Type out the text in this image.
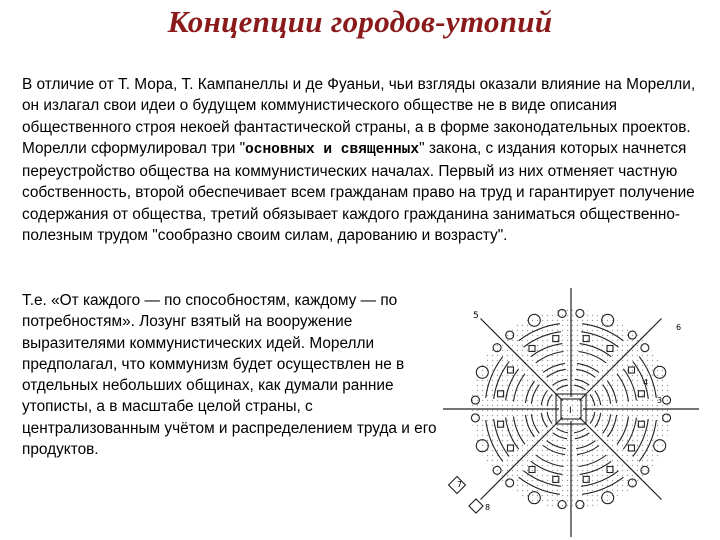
Концепции городов-утопий
В отличие от Т. Мора, Т. Кампанеллы и де Фуаньи, чьи взгляды оказали влияние на Морелли, он излагал свои идеи о будущем коммунистического обществе не в виде описания общественного строя некоей фантастической страны, а в форме законодательных проектов. Морелли сформулировал три "основных и священных" закона, с издания которых начнется переустройство общества на коммунистических началах. Первый из них отменяет частную собственность, второй обеспечивает всем гражданам право на труд и гарантирует получение содержания от общества, третий обязывает каждого гражданина заниматься общественно-полезным трудом "сообразно своим силам, дарованию и возрасту".
Т.е. «От каждого — по способностям, каждому — по потребностям». Лозунг взятый на вооружение выразителями коммунистических идей. Морелли предполагал, что коммунизм будет осуществлен не в отдельных небольших общинах, как думали ранние утописты, а в масштабе целой страны, с централизованным учётом и распределением труда и его продуктов.
5
6
4
3
7
8
I
